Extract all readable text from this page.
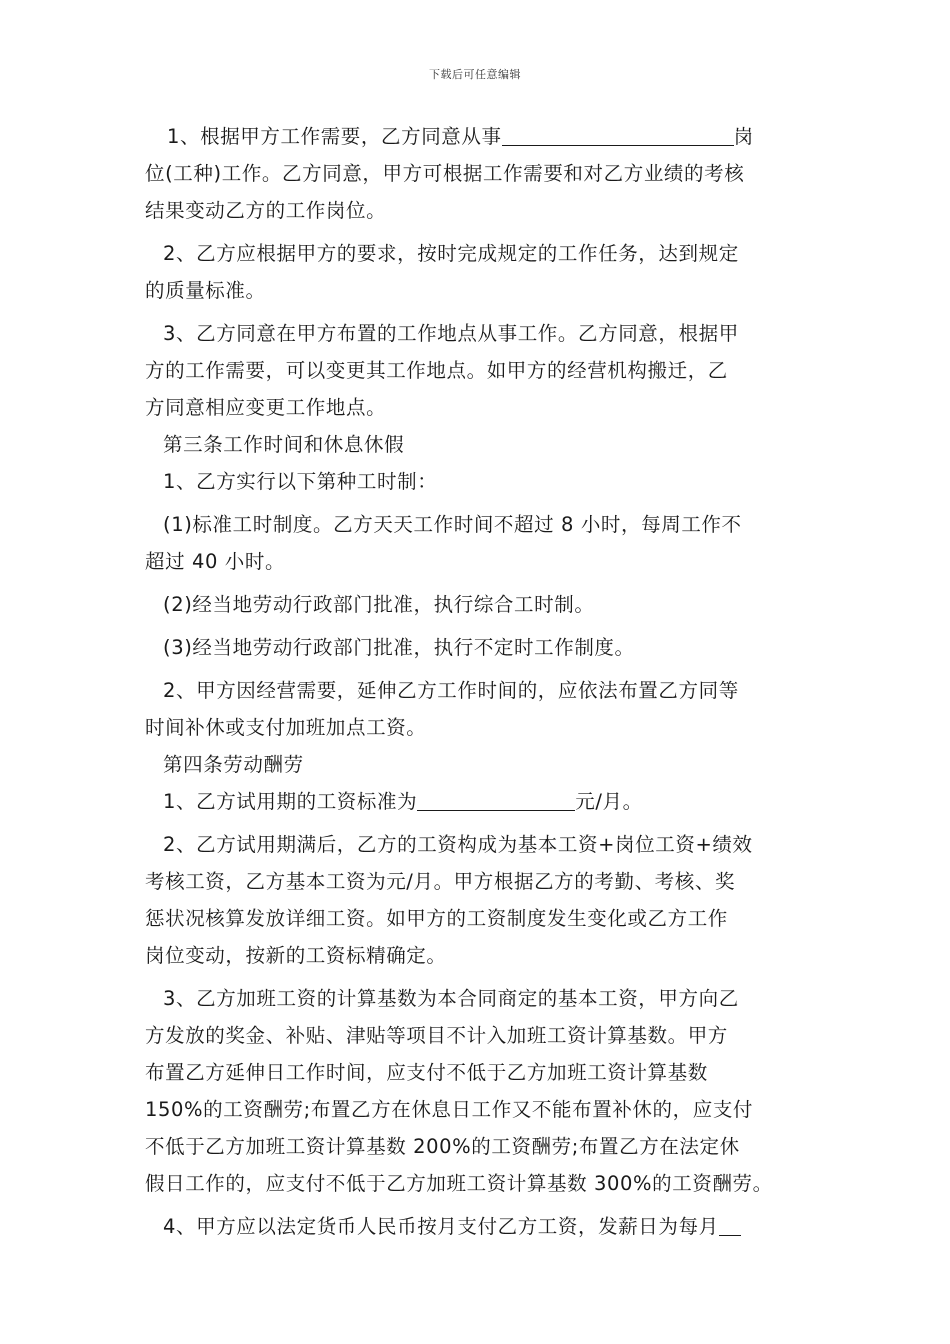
下载后可任意编辑
1、根据甲方工作需要，乙方同意从事	岗
位(工种)工作。乙方同意，甲方可根据工作需要和对乙方业绩的考核
结果变动乙方的工作岗位。
2、乙方应根据甲方的要求，按时完成规定的工作任务，达到规定
的质量标准。
3、乙方同意在甲方布置的工作地点从事工作。乙方同意，根据甲
方的工作需要，可以变更其工作地点。如甲方的经营机构搬迁，乙
方同意相应变更工作地点。
第三条工作时间和休息休假
1、乙方实行以下第种工时制：
(1)标准工时制度。乙方天天工作时间不超过 8 小时，每周工作不
超过 40 小时。
(2)经当地劳动行政部门批准，执行综合工时制。
(3)经当地劳动行政部门批准，执行不定时工作制度。
2、甲方因经营需要，延伸乙方工作时间的，应依法布置乙方同等
时间补休或支付加班加点工资。
第四条劳动酬劳
1、乙方试用期的工资标准为	元/月。
2、乙方试用期满后，乙方的工资构成为基本工资+岗位工资+绩效
考核工资，乙方基本工资为元/月。甲方根据乙方的考勤、考核、奖
惩状况核算发放详细工资。如甲方的工资制度发生变化或乙方工作
岗位变动，按新的工资标精确定。
3、乙方加班工资的计算基数为本合同商定的基本工资，甲方向乙
方发放的奖金、补贴、津贴等项目不计入加班工资计算基数。甲方
布置乙方延伸日工作时间，应支付不低于乙方加班工资计算基数
150%的工资酬劳;布置乙方在休息日工作又不能布置补休的，应支付
不低于乙方加班工资计算基数 200%的工资酬劳;布置乙方在法定休
假日工作的，应支付不低于乙方加班工资计算基数 300%的工资酬劳。
4、甲方应以法定货币人民币按月支付乙方工资，发薪日为每月
